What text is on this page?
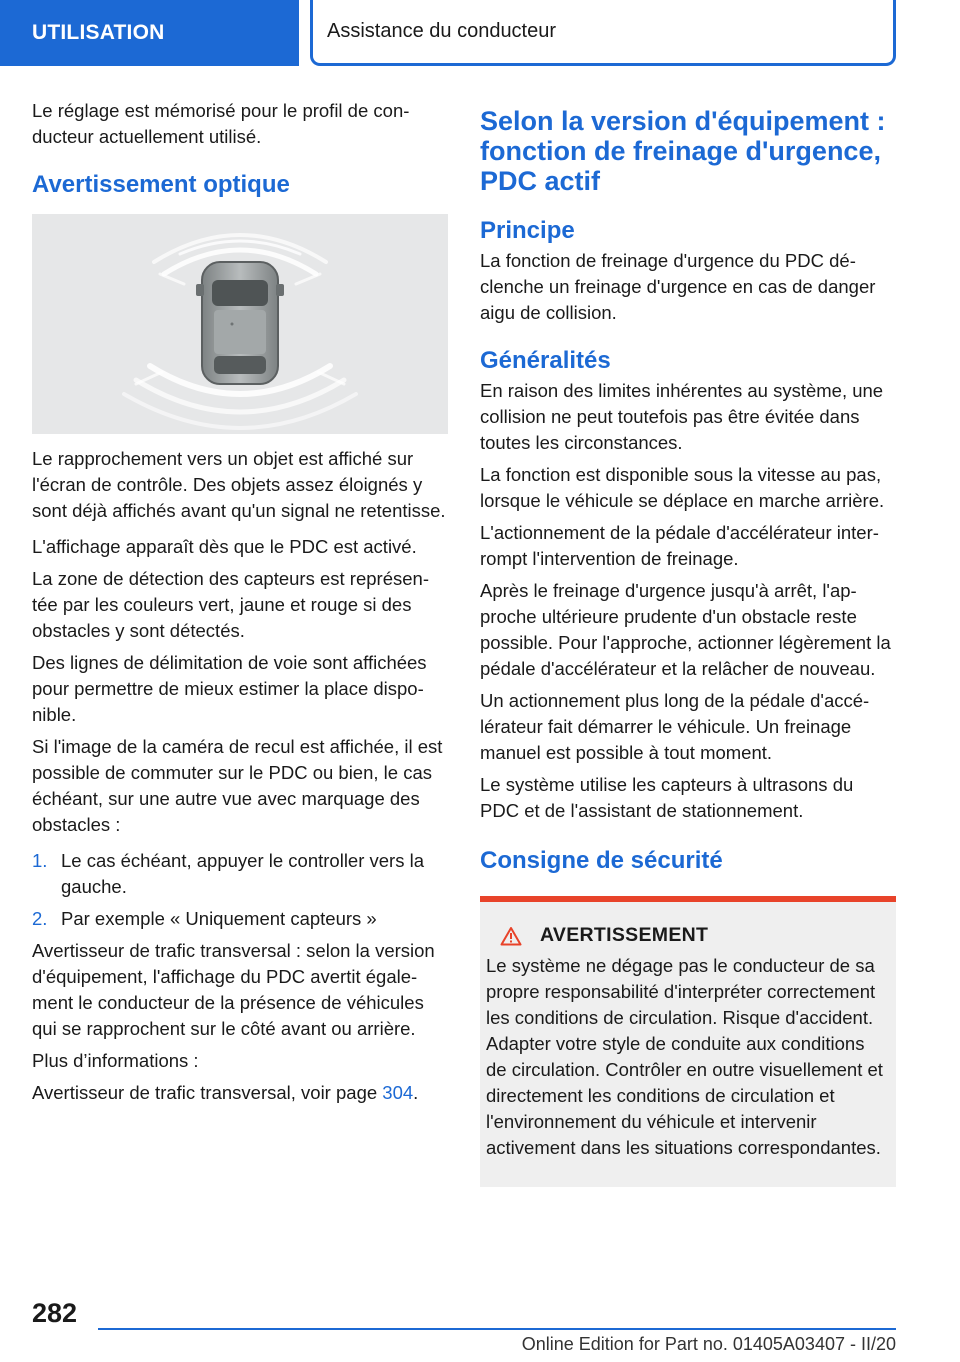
UTILISATION	Assistance du conducteur

Le réglage est mémorisé pour le profil de conducteur actuellement utilisé.

Avertissement optique

Le rapprochement vers un objet est affiché sur l'écran de contrôle. Des objets assez éloignés y sont déjà affichés avant qu'un signal ne retentisse.

L'affichage apparaît dès que le PDC est activé.

La zone de détection des capteurs est représentée par les couleurs vert, jaune et rouge si des obstacles y sont détectés.

Des lignes de délimitation de voie sont affichées pour permettre de mieux estimer la place disponible.

Si l'image de la caméra de recul est affichée, il est possible de commuter sur le PDC ou bien, le cas échéant, sur une autre vue avec marquage des obstacles :

1. Le cas échéant, appuyer le controller vers la gauche.
2. Par exemple « Uniquement capteurs »

Avertisseur de trafic transversal : selon la version d'équipement, l'affichage du PDC avertit également le conducteur de la présence de véhicules qui se rapprochent sur le côté avant ou arrière.

Plus d’informations :

Avertisseur de trafic transversal, voir page 304.

Selon la version d'équipement : fonction de freinage d'urgence, PDC actif
Principe

La fonction de freinage d'urgence du PDC déclenche un freinage d'urgence en cas de danger aigu de collision.

Généralités

En raison des limites inhérentes au système, une collision ne peut toutefois pas être évitée dans toutes les circonstances.

La fonction est disponible sous la vitesse au pas, lorsque le véhicule se déplace en marche arrière.

L'actionnement de la pédale d'accélérateur interrompt l'intervention de freinage.

Après le freinage d'urgence jusqu'à arrêt, l'approche ultérieure prudente d'un obstacle reste possible. Pour l'approche, actionner légèrement la pédale d'accélérateur et la relâcher de nouveau.

Un actionnement plus long de la pédale d'accélérateur fait démarrer le véhicule. Un freinage manuel est possible à tout moment.

Le système utilise les capteurs à ultrasons du PDC et de l'assistant de stationnement.

Consigne de sécurité
AVERTISSEMENT
Le système ne dégage pas le conducteur de sa propre responsabilité d'interpréter correctement les conditions de circulation. Risque d'accident. Adapter votre style de conduite aux conditions de circulation. Contrôler en outre visuellement et directement les conditions de circulation et l'environnement du véhicule et intervenir activement dans les situations correspondantes.
282
Online Edition for Part no. 01405A03407 - II/20
